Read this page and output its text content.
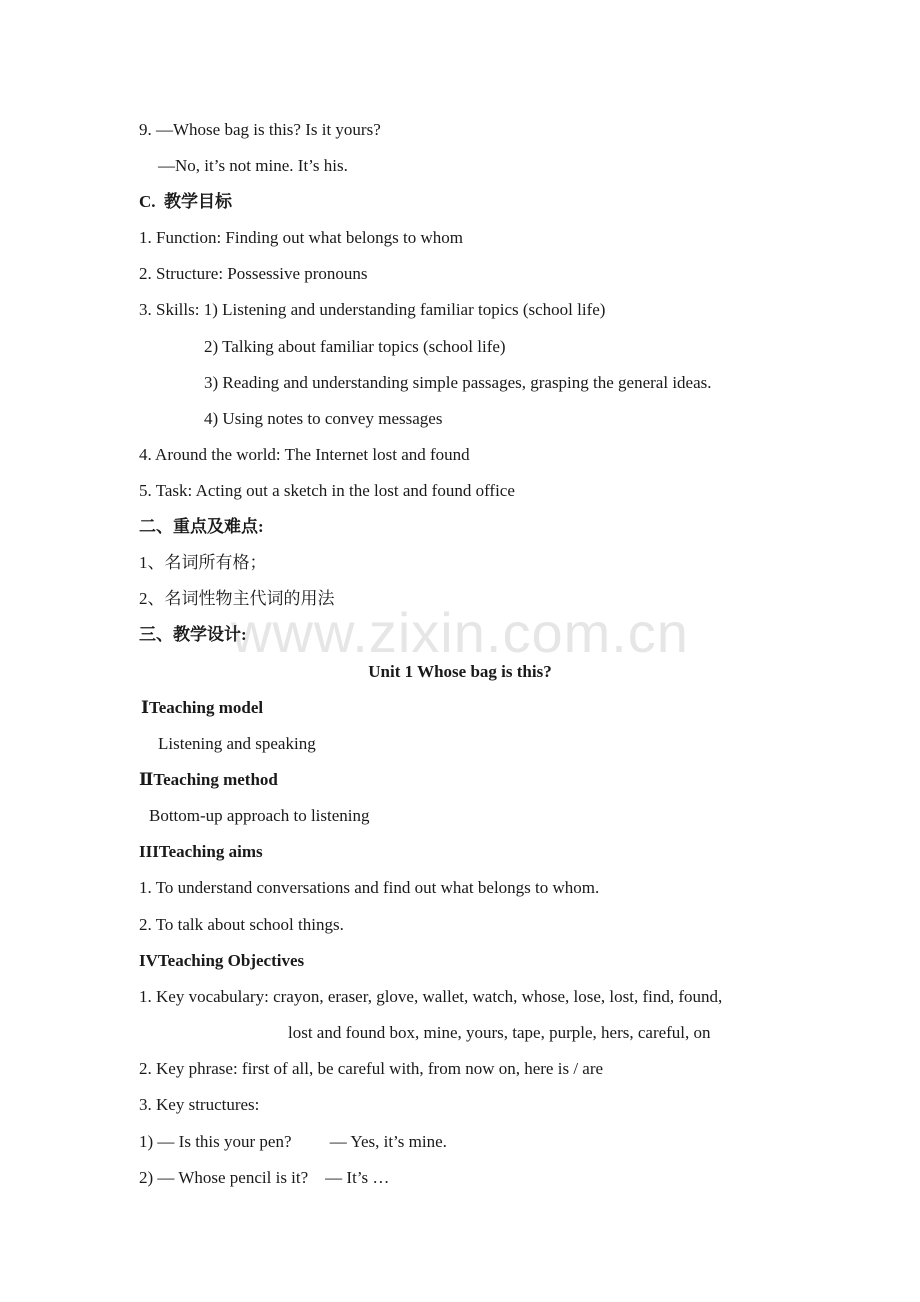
www.zixin.com.cn
9. —Whose bag is this? Is it yours?
—No, it’s not mine. It’s his.
C.  教学目标
1. Function: Finding out what belongs to whom
2. Structure: Possessive pronouns
3. Skills: 1) Listening and understanding familiar topics (school life)
2) Talking about familiar topics (school life)
3) Reading and understanding simple passages, grasping the general ideas.
4) Using notes to convey messages
4. Around the world: The Internet lost and found
5. Task: Acting out a sketch in the lost and found office
二、重点及难点:
1、名词所有格；
2、名词性物主代词的用法
三、教学设计:
Unit 1 Whose bag is this?
ⅠTeaching model
Listening and speaking
ⅡTeaching method
Bottom-up approach to listening
IIITeaching aims
1. To understand conversations and find out what belongs to whom.
2. To talk about school things.
IVTeaching Objectives
1. Key vocabulary: crayon, eraser, glove, wallet, watch, whose, lose, lost, find, found,
lost and found box, mine, yours, tape, purple, hers, careful, on
2. Key phrase: first of all, be careful with, from now on, here is / are
3. Key structures:
1) — Is this your pen?         — Yes, it’s mine.
2) — Whose pencil is it?    — It’s …
